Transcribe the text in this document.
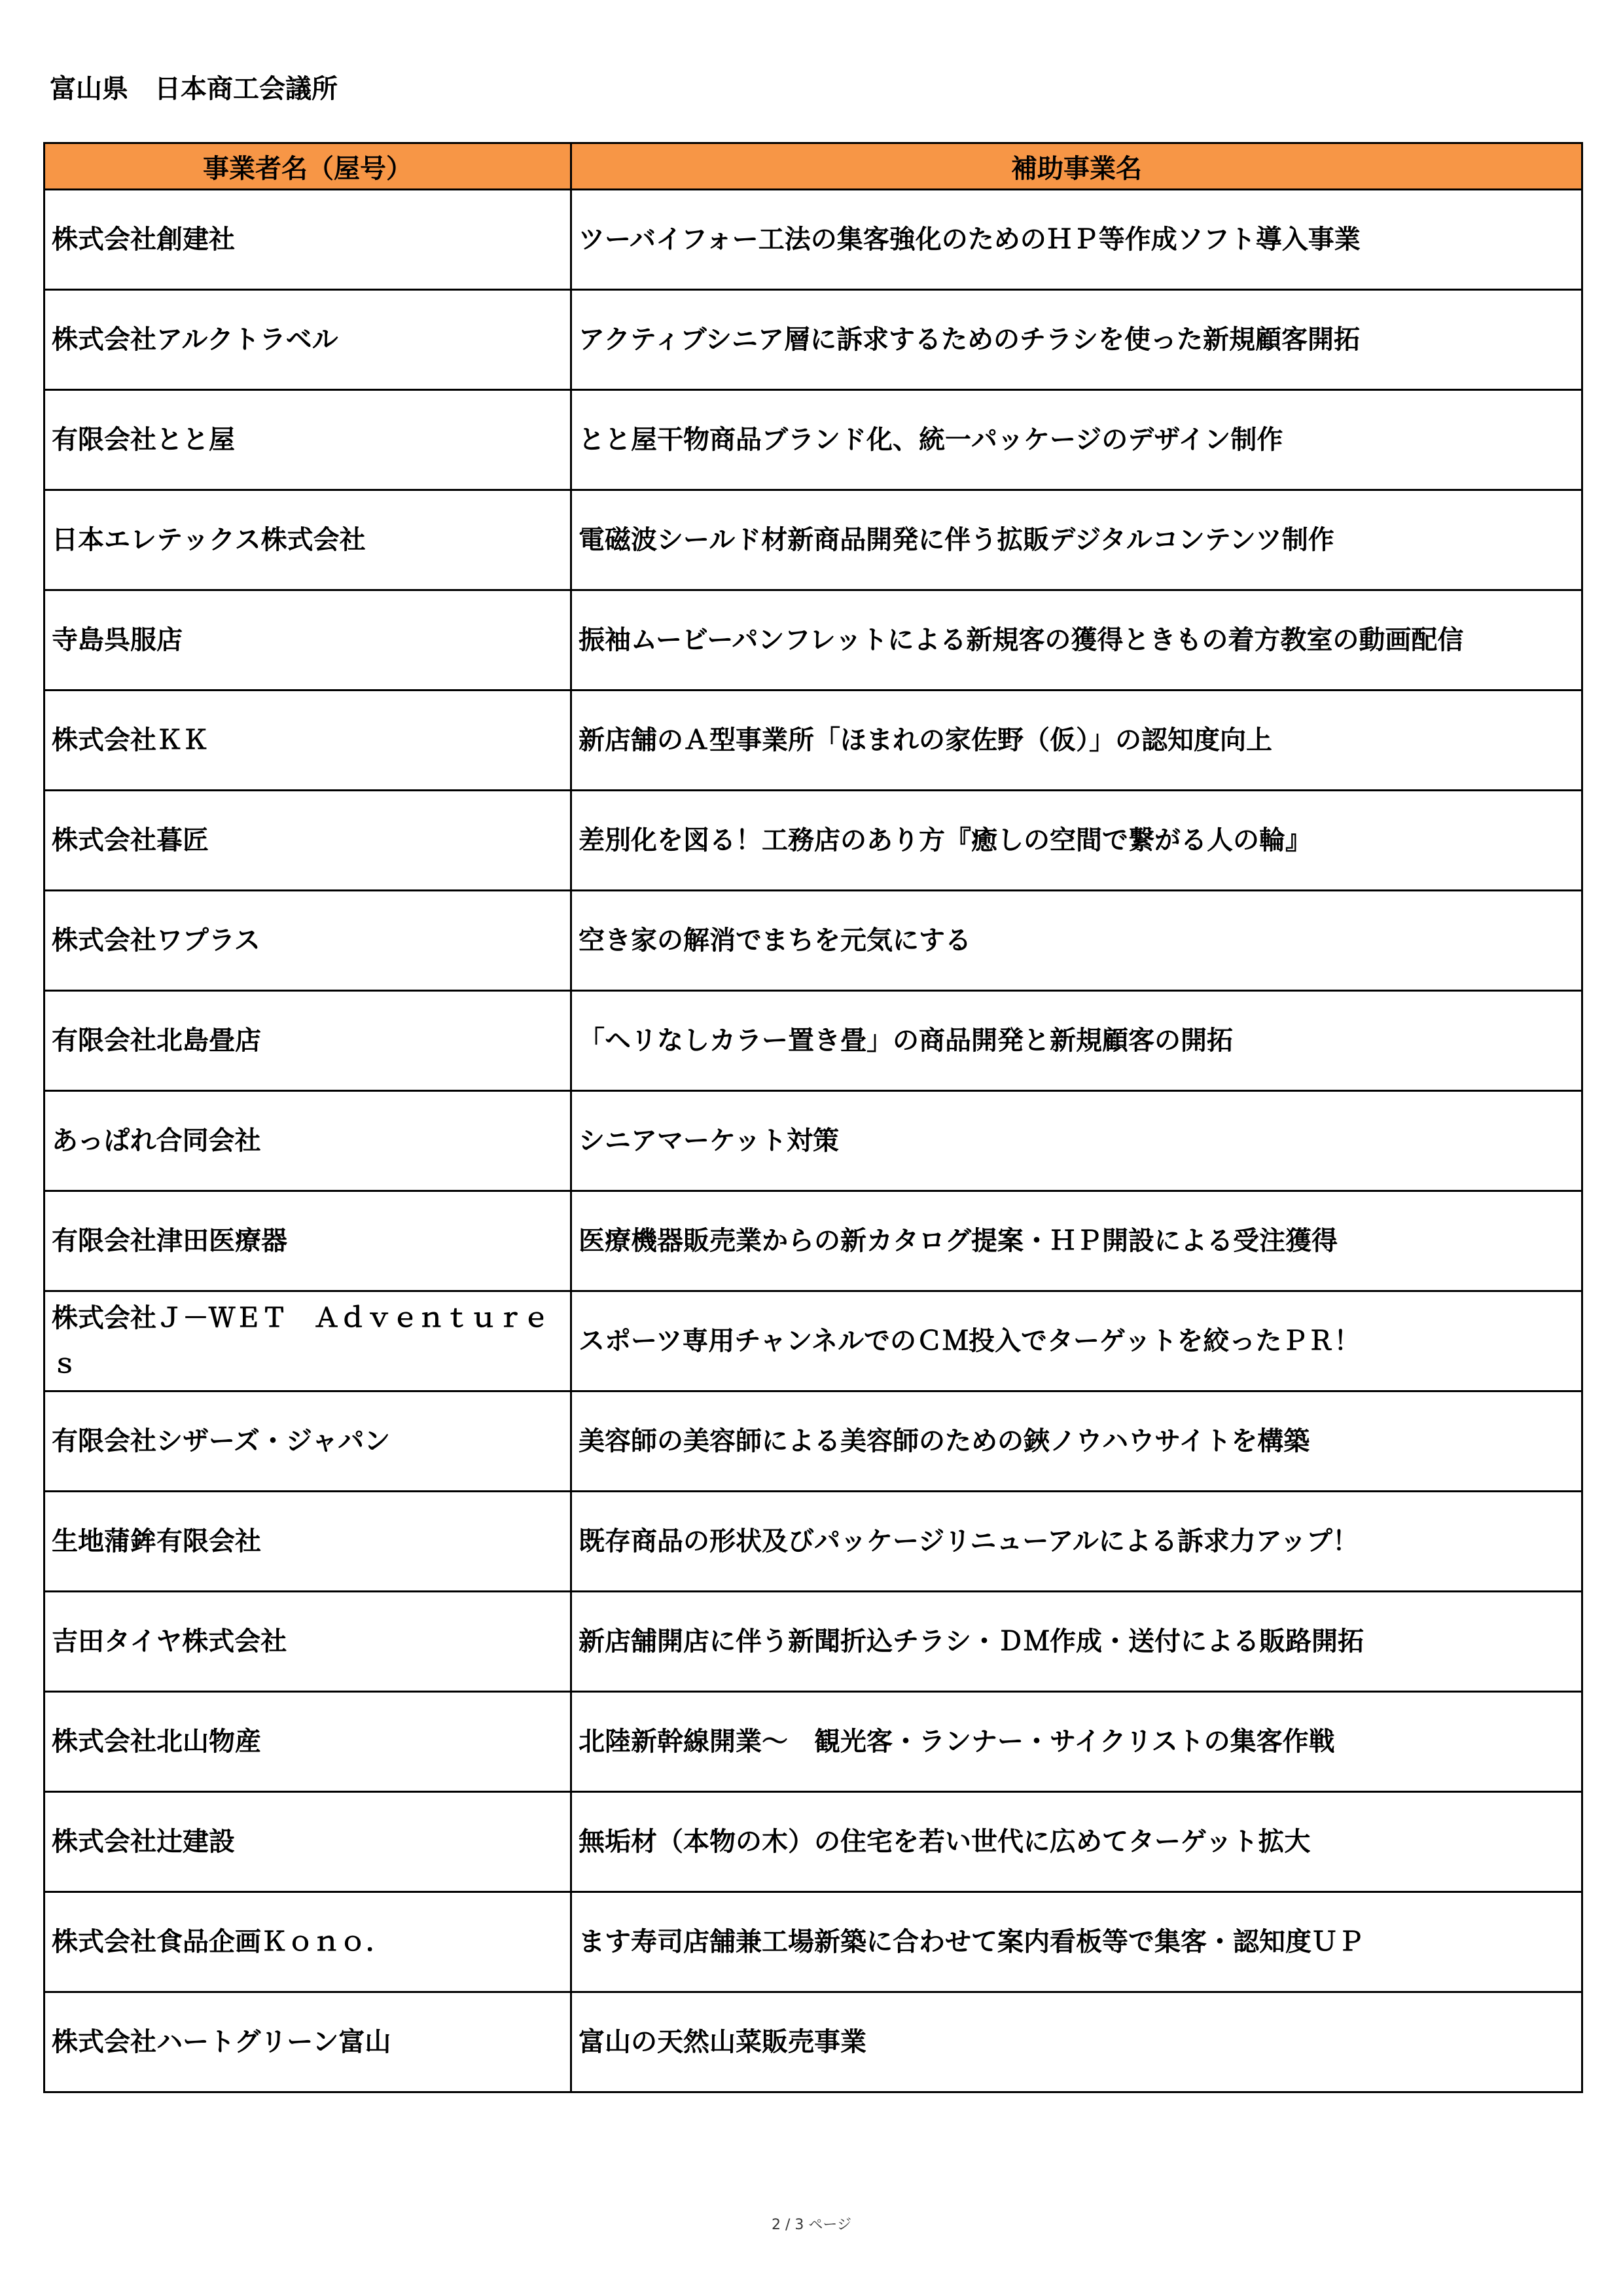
富山県　日本商工会議所
事業者名（屋号）	補助事業名
株式会社創建社	ツーバイフォー工法の集客強化のためのＨＰ等作成ソフト導入事業
株式会社アルクトラベル	アクティブシニア層に訴求するためのチラシを使った新規顧客開拓
有限会社とと屋	とと屋干物商品ブランド化、統一パッケージのデザイン制作
日本エレテックス株式会社	電磁波シールド材新商品開発に伴う拡販デジタルコンテンツ制作
寺島呉服店	振袖ムービーパンフレットによる新規客の獲得ときもの着方教室の動画配信
株式会社ＫＫ	新店舗のＡ型事業所「ほまれの家佐野（仮）」の認知度向上
株式会社暮匠	差別化を図る！工務店のあり方『癒しの空間で繋がる人の輪』
株式会社ワプラス	空き家の解消でまちを元気にする
有限会社北島畳店	「ヘリなしカラー置き畳」の商品開発と新規顧客の開拓
あっぱれ合同会社	シニアマーケット対策
有限会社津田医療器	医療機器販売業からの新カタログ提案・ＨＰ開設による受注獲得
株式会社Ｊ－ＷＥＴ　Ａｄｖｅｎｔｕｒｅｓ	スポーツ専用チャンネルでのＣＭ投入でターゲットを絞ったＰＲ！
有限会社シザーズ・ジャパン	美容師の美容師による美容師のための鋏ノウハウサイトを構築
生地蒲鉾有限会社	既存商品の形状及びパッケージリニューアルによる訴求力アップ！
吉田タイヤ株式会社	新店舗開店に伴う新聞折込チラシ・ＤＭ作成・送付による販路開拓
株式会社北山物産	北陸新幹線開業～　観光客・ランナー・サイクリストの集客作戦
株式会社辻建設	無垢材（本物の木）の住宅を若い世代に広めてターゲット拡大
株式会社食品企画Ｋｏｎｏ．	ます寿司店舗兼工場新築に合わせて案内看板等で集客・認知度ＵＰ
株式会社ハートグリーン富山	富山の天然山菜販売事業
2 / 3 ページ
